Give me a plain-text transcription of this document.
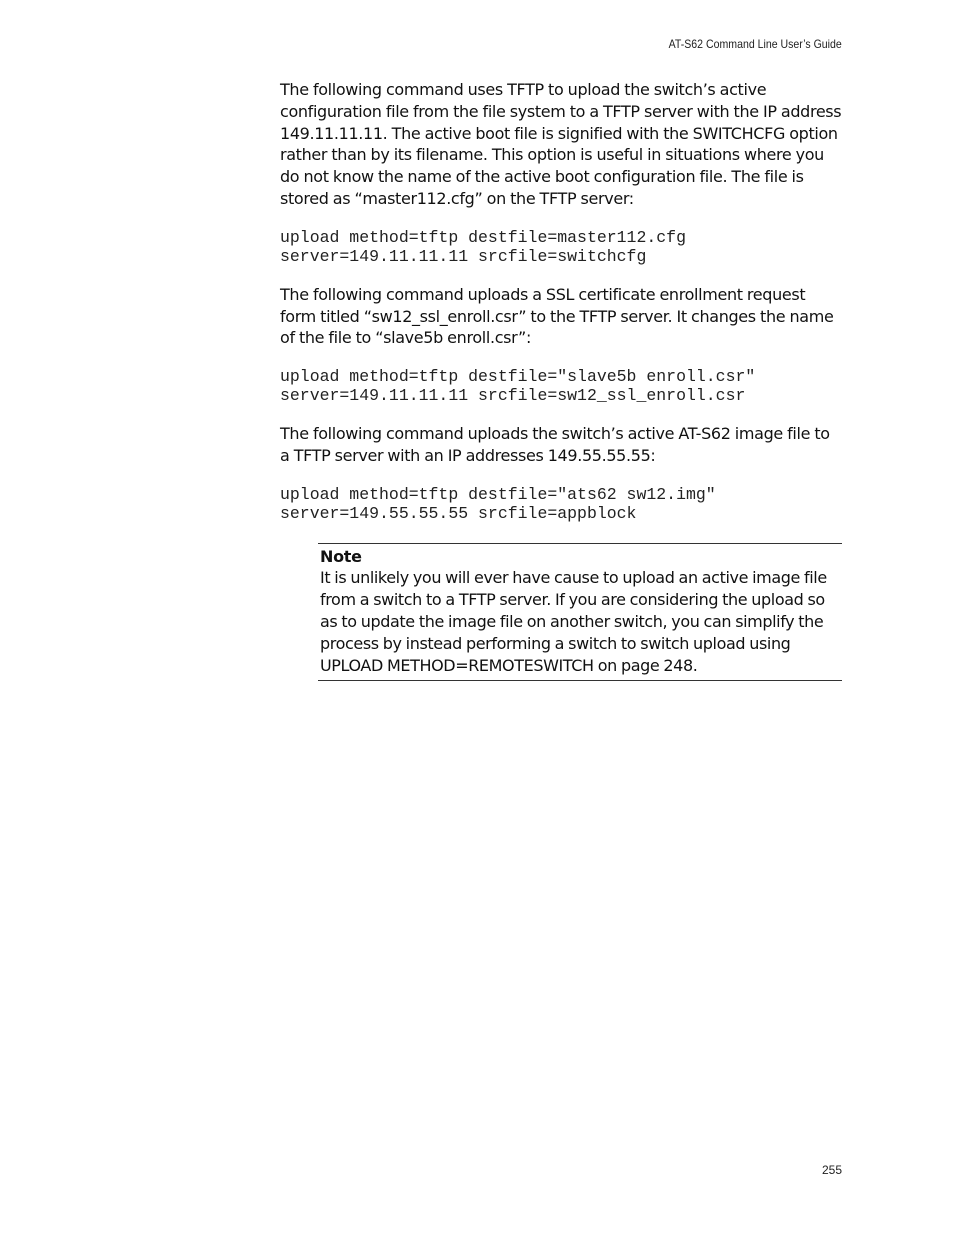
AT-S62 Command Line User’s Guide

The following command uses TFTP to upload the switch’s active configuration file from the file system to a TFTP server with the IP address 149.11.11.11. The active boot file is signified with the SWITCHCFG option rather than by its filename. This option is useful in situations where you do not know the name of the active boot configuration file. The file is stored as “master112.cfg” on the TFTP server:

upload method=tftp destfile=master112.cfg
server=149.11.11.11 srcfile=switchcfg

The following command uploads a SSL certificate enrollment request form titled “sw12_ssl_enroll.csr” to the TFTP server. It changes the name of the file to “slave5b enroll.csr”:

upload method=tftp destfile="slave5b enroll.csr"
server=149.11.11.11 srcfile=sw12_ssl_enroll.csr

The following command uploads the switch’s active AT-S62 image file to a TFTP server with an IP addresses 149.55.55.55:

upload method=tftp destfile="ats62 sw12.img"
server=149.55.55.55 srcfile=appblock
Note

It is unlikely you will ever have cause to upload an active image file from a switch to a TFTP server. If you are considering the upload so as to update the image file on another switch, you can simplify the process by instead performing a switch to switch upload using UPLOAD METHOD=REMOTESWITCH on page 248.

255
